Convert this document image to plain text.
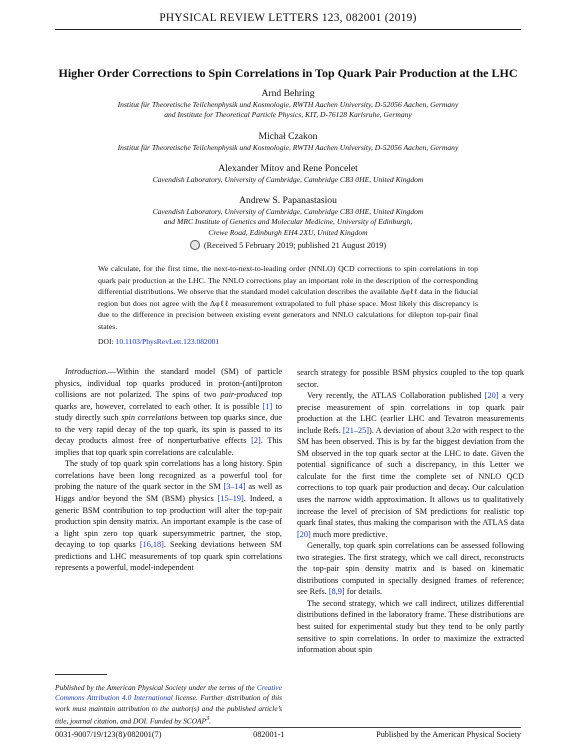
PHYSICAL REVIEW LETTERS 123, 082001 (2019)
Higher Order Corrections to Spin Correlations in Top Quark Pair Production at the LHC
Arnd Behring
Institut für Theoretische Teilchenphysik und Kosmologie, RWTH Aachen University, D-52056 Aachen, Germany
and Institute for Theoretical Particle Physics, KIT, D-76128 Karlsruhe, Germany
Michał Czakon
Institut für Theoretische Teilchenphysik und Kosmologie, RWTH Aachen University, D-52056 Aachen, Germany
Alexander Mitov and Rene Poncelet
Cavendish Laboratory, University of Cambridge, Cambridge CB3 0HE, United Kingdom
Andrew S. Papanastasiou
Cavendish Laboratory, University of Cambridge, Cambridge CB3 0HE, United Kingdom
and MRC Institute of Genetics and Molecular Medicine, University of Edinburgh,
Crewe Road, Edinburgh EH4 2XU, United Kingdom
(Received 5 February 2019; published 21 August 2019)
We calculate, for the first time, the next-to-next-to-leading order (NNLO) QCD corrections to spin correlations in top quark pair production at the LHC. The NNLO corrections play an important role in the description of the corresponding differential distributions. We observe that the standard model calculation describes the available Δφℓℓ data in the fiducial region but does not agree with the Δφℓℓ measurement extrapolated to full phase space. Most likely this discrepancy is due to the difference in precision between existing event generators and NNLO calculations for dilepton top-pair final states.
DOI: 10.1103/PhysRevLett.123.082001

Introduction.—Within the standard model (SM) of particle physics, individual top quarks produced in proton-(anti)proton collisions are not polarized. The spins of two pair-produced top quarks are, however, correlated to each other. It is possible [1] to study directly such spin correlations between top quarks since, due to the very rapid decay of the top quark, its spin is passed to its decay products almost free of nonperturbative effects [2]. This implies that top quark spin correlations are calculable.

The study of top quark spin correlations has a long history. Spin correlations have been long recognized as a powerful tool for probing the nature of the quark sector in the SM [3–14] as well as Higgs and/or beyond the SM (BSM) physics [15–19]. Indeed, a generic BSM contribution to top production will alter the top-pair production spin density matrix. An important example is the case of a light spin zero top quark supersymmetric partner, the stop, decaying to top quarks [16,18]. Seeking deviations between SM predictions and LHC measurements of top quark spin correlations represents a powerful, model-independent

search strategy for possible BSM physics coupled to the top quark sector.

Very recently, the ATLAS Collaboration published [20] a very precise measurement of spin correlations in top quark pair production at the LHC (earlier LHC and Tevatron measurements include Refs. [21–25]). A deviation of about 3.2σ with respect to the SM has been observed. This is by far the biggest deviation from the SM observed in the top quark sector at the LHC to date. Given the potential significance of such a discrepancy, in this Letter we calculate for the first time the complete set of NNLO QCD corrections to top quark pair production and decay. Our calculation uses the narrow width approximation. It allows us to qualitatively increase the level of precision of SM predictions for realistic top quark final states, thus making the comparison with the ATLAS data [20] much more predictive.

Generally, top quark spin correlations can be assessed following two strategies. The first strategy, which we call direct, reconstructs the top-pair spin density matrix and is based on kinematic distributions computed in specially designed frames of reference; see Refs. [8,9] for details.

The second strategy, which we call indirect, utilizes differential distributions defined in the laboratory frame. These distributions are best suited for experimental study but they tend to be only partly sensitive to spin correlations. In order to maximize the extracted information about spin

Published by the American Physical Society under the terms of the Creative Commons Attribution 4.0 International license. Further distribution of this work must maintain attribution to the author(s) and the published article’s title, journal citation, and DOI. Funded by SCOAP$^3$.
0031-9007/19/123(8)/082001(7)	082001-1	Published by the American Physical Society
